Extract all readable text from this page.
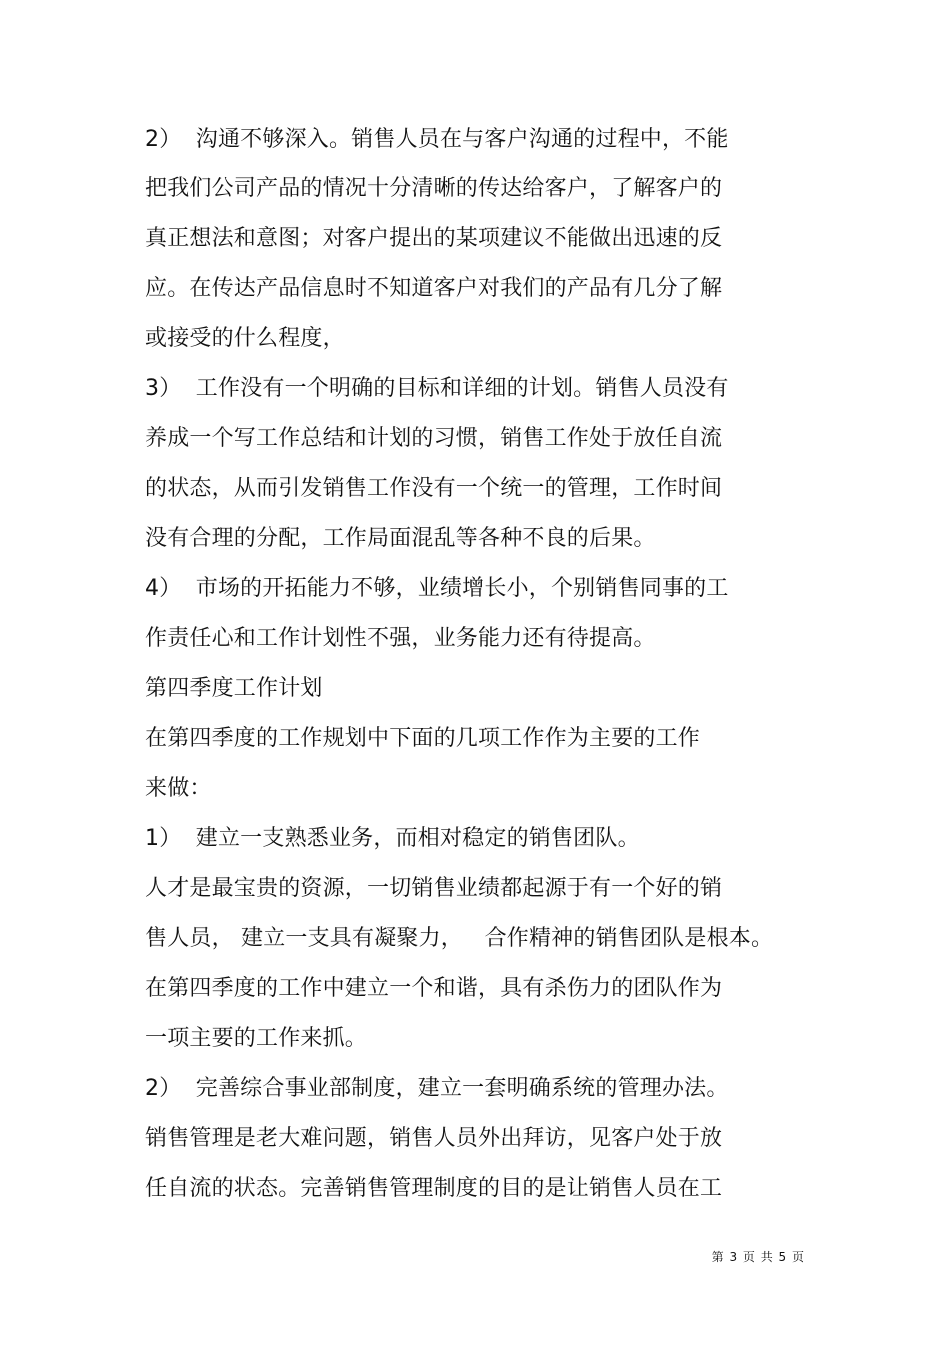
2）  沟通不够深入。销售人员在与客户沟通的过程中，不能
把我们公司产品的情况十分清晰的传达给客户，了解客户的
真正想法和意图；对客户提出的某项建议不能做出迅速的反
应。在传达产品信息时不知道客户对我们的产品有几分了解
或接受的什么程度，
3）  工作没有一个明确的目标和详细的计划。销售人员没有
养成一个写工作总结和计划的习惯，销售工作处于放任自流
的状态，从而引发销售工作没有一个统一的管理，工作时间
没有合理的分配，工作局面混乱等各种不良的后果。
4）  市场的开拓能力不够，业绩增长小，个别销售同事的工
作责任心和工作计划性不强，业务能力还有待提高。
第四季度工作计划
在第四季度的工作规划中下面的几项工作作为主要的工作
来做：
1）  建立一支熟悉业务，而相对稳定的销售团队。
人才是最宝贵的资源，一切销售业绩都起源于有一个好的销
售人员， 建立一支具有凝聚力，   合作精神的销售团队是根本。
在第四季度的工作中建立一个和谐，具有杀伤力的团队作为
一项主要的工作来抓。
2）  完善综合事业部制度，建立一套明确系统的管理办法。
销售管理是老大难问题，销售人员外出拜访，见客户处于放
任自流的状态。完善销售管理制度的目的是让销售人员在工
第 3 页 共 5 页
